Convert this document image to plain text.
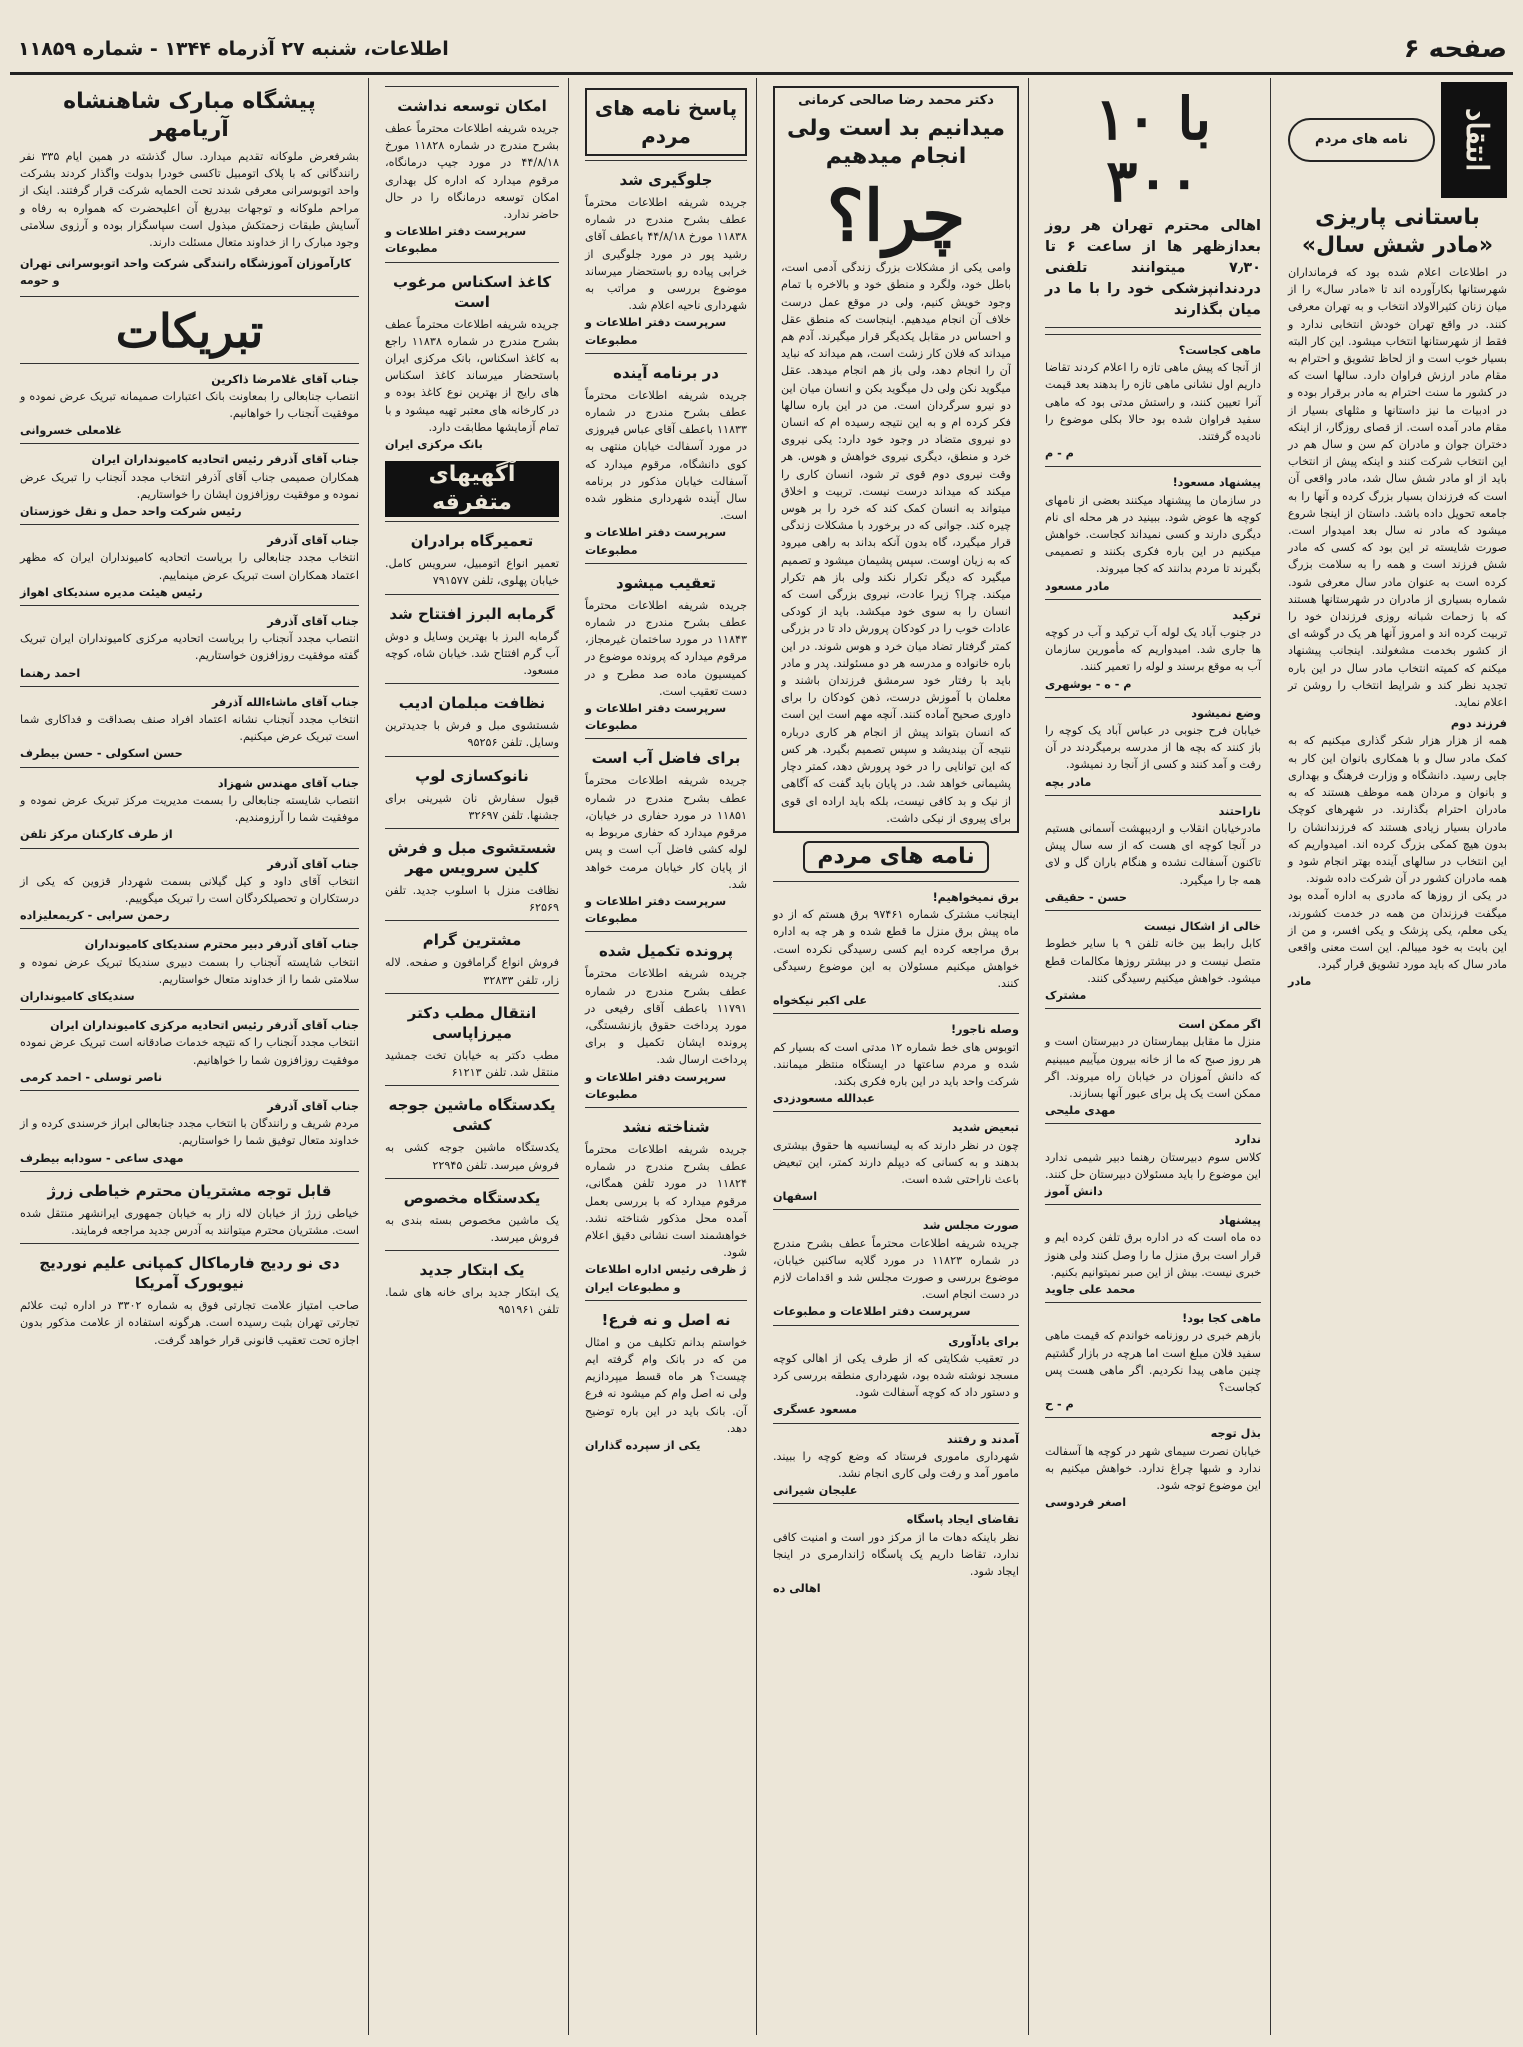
صفحه ۶
اطلاعات، شنبه ۲۷ آذرماه ۱۳۴۴ - شماره ۱۱۸۵۹
انتقاد
نامه های مردم
باستانی پاریزی «مادر شش سال»
در اطلاعات اعلام شده بود که فرمانداران شهرستانها بکارآورده اند تا «مادر سال» را از میان زنان کثیرالاولاد انتخاب و به تهران معرفی کنند. در واقع تهران خودش انتخابی ندارد و فقط از شهرستانها انتخاب میشود. این کار البته بسیار خوب است و از لحاظ تشویق و احترام به مقام مادر ارزش فراوان دارد. سالها است که در کشور ما سنت احترام به مادر برقرار بوده و در ادبیات ما نیز داستانها و مثلهای بسیار از مقام مادر آمده است. از قصای روزگار، از اینکه دختران جوان و مادران کم سن و سال هم در این انتخاب شرکت کنند و اینکه پیش از انتخاب باید از او مادر شش سال شد، مادر واقعی آن است که فرزندان بسیار بزرگ کرده و آنها را به جامعه تحویل داده باشد. داستان از اینجا شروع میشود که مادر نه سال بعد امیدوار است. صورت شایسته تر این بود که کسی که مادر شش فرزند است و همه را به سلامت بزرگ کرده است به عنوان مادر سال معرفی شود. شماره بسیاری از مادران در شهرستانها هستند که با زحمات شبانه روزی فرزندان خود را تربیت کرده اند و امروز آنها هر یک در گوشه ای از کشور بخدمت مشغولند. اینجانب پیشنهاد میکنم که کمیته انتخاب مادر سال در این باره تجدید نظر کند و شرایط انتخاب را روشن تر اعلام نماید.
فرزند دوم
همه از هزار هزار شکر گذاری میکنیم که به کمک مادر سال و با همکاری بانوان این کار به جایی رسید. دانشگاه و وزارت فرهنگ و بهداری و بانوان و مردان همه موظف هستند که به مادران احترام بگذارند. در شهرهای کوچک مادران بسیار زیادی هستند که فرزندانشان را بدون هیچ کمکی بزرگ کرده اند. امیدواریم که این انتخاب در سالهای آینده بهتر انجام شود و همه مادران کشور در آن شرکت داده شوند.
در یکی از روزها که مادری به اداره آمده بود میگفت فرزندان من همه در خدمت کشورند، یکی معلم، یکی پزشک و یکی افسر، و من از این بابت به خود میبالم. این است معنی واقعی مادر سال که باید مورد تشویق قرار گیرد.
مادر
با ۱۰ ۳۰۰
اهالی محترم تهران هر روز بعدازظهر ها از ساعت ۶ تا ۷٫۳۰ میتوانند تلفنی دردندانپزشکی خود را با ما در میان بگذارند
ماهی کجاست؟
از آنجا که پیش ماهی تازه را اعلام کردند تقاضا داریم اول نشانی ماهی تازه را بدهند بعد قیمت آنرا تعیین کنند، و راستش مدتی بود که ماهی سفید فراوان شده بود حالا بکلی موضوع را نادیده گرفتند.
م - م
پیشنهاد مسعود!
در سازمان ما پیشنهاد میکنند بعضی از نامهای کوچه ها عوض شود. ببینید در هر محله ای نام دیگری دارند و کسی نمیداند کجاست. خواهش میکنیم در این باره فکری بکنند و تصمیمی بگیرند تا مردم بدانند که کجا میروند.
مادر مسعود
ترکید
در جنوب آباد یک لوله آب ترکید و آب در کوچه ها جاری شد. امیدواریم که مأمورین سازمان آب به موقع برسند و لوله را تعمیر کنند.
م - ه - بوشهری
وضع نمیشود
خیابان فرح جنوبی در عباس آباد یک کوچه را باز کنند که بچه ها از مدرسه برمیگردند در آن رفت و آمد کنند و کسی از آنجا رد نمیشود.
مادر بچه
ناراحتند
مادرخیابان انقلاب و اردیبهشت آسمانی هستیم در آنجا کوچه ای هست که از سه سال پیش تاکنون آسفالت نشده و هنگام باران گل و لای همه جا را میگیرد.
حسن - حقیقی
خالی از اشکال نیست
کابل رابط بین خانه تلفن ۹ با سایر خطوط متصل نیست و در بیشتر روزها مکالمات قطع میشود. خواهش میکنیم رسیدگی کنند.
مشترک
اگر ممکن است
منزل ما مقابل بیمارستان در دبیرستان است و هر روز صبح که ما از خانه بیرون میآییم میبینیم که دانش آموزان در خیابان راه میروند. اگر ممکن است یک پل برای عبور آنها بسازند.
مهدی ملیحی
ندارد
کلاس سوم دبیرستان رهنما دبیر شیمی ندارد این موضوع را باید مسئولان دبیرستان حل کنند.
دانش آموز
پیشنهاد
ده ماه است که در اداره برق تلفن کرده ایم و قرار است برق منزل ما را وصل کنند ولی هنوز خبری نیست. بیش از این صبر نمیتوانیم بکنیم.
محمد علی جاوید
ماهی کجا بود!
بازهم خبری در روزنامه خواندم که قیمت ماهی سفید فلان مبلغ است اما هرچه در بازار گشتیم چنین ماهی پیدا نکردیم. اگر ماهی هست پس کجاست؟
م - ح
بذل توجه
خیابان نصرت سیمای شهر در کوچه ها آسفالت ندارد و شبها چراغ ندارد. خواهش میکنیم به این موضوع توجه شود.
اصغر فردوسی
دکتر محمد رضا صالحی کرمانی
میدانیم بد است ولی انجام میدهیم
چرا؟
وامی یکی از مشکلات بزرگ زندگی آدمی است، باطل خود، ولگرد و منطق خود و بالاخره با تمام وجود خویش کنیم، ولی در موقع عمل درست خلاف آن انجام میدهیم. اینجاست که منطق عقل و احساس در مقابل یکدیگر قرار میگیرند. آدم هم میداند که فلان کار زشت است، هم میداند که نباید آن را انجام دهد، ولی باز هم انجام میدهد. عقل میگوید نکن ولی دل میگوید بکن و انسان میان این دو نیرو سرگردان است. من در این باره سالها فکر کرده ام و به این نتیجه رسیده ام که انسان دو نیروی متضاد در وجود خود دارد: یکی نیروی خرد و منطق، دیگری نیروی خواهش و هوس. هر وقت نیروی دوم قوی تر شود، انسان کاری را میکند که میداند درست نیست. تربیت و اخلاق میتواند به انسان کمک کند که خرد را بر هوس چیره کند. جوانی که در برخورد با مشکلات زندگی قرار میگیرد، گاه بدون آنکه بداند به راهی میرود که به زیان اوست. سپس پشیمان میشود و تصمیم میگیرد که دیگر تکرار نکند ولی باز هم تکرار میکند. چرا؟ زیرا عادت، نیروی بزرگی است که انسان را به سوی خود میکشد. باید از کودکی عادات خوب را در کودکان پرورش داد تا در بزرگی کمتر گرفتار تضاد میان خرد و هوس شوند. در این باره خانواده و مدرسه هر دو مسئولند. پدر و مادر باید با رفتار خود سرمشق فرزندان باشند و معلمان با آموزش درست، ذهن کودکان را برای داوری صحیح آماده کنند. آنچه مهم است این است که انسان بتواند پیش از انجام هر کاری درباره نتیجه آن بیندیشد و سپس تصمیم بگیرد. هر کس که این توانایی را در خود پرورش دهد، کمتر دچار پشیمانی خواهد شد. در پایان باید گفت که آگاهی از نیک و بد کافی نیست، بلکه باید اراده ای قوی برای پیروی از نیکی داشت.
نامه های مردم
برق نمیخواهیم!
اینجانب مشترک شماره ۹۷۴۶۱ برق هستم که از دو ماه پیش برق منزل ما قطع شده و هر چه به اداره برق مراجعه کرده ایم کسی رسیدگی نکرده است. خواهش میکنیم مسئولان به این موضوع رسیدگی کنند.
علی اکبر نیکخواه
وصله ناجور!
اتوبوس های خط شماره ۱۲ مدتی است که بسیار کم شده و مردم ساعتها در ایستگاه منتظر میمانند. شرکت واحد باید در این باره فکری بکند.
عبدالله مسعودزدی
تبعیض شدید
چون در نظر دارند که به لیسانسیه ها حقوق بیشتری بدهند و به کسانی که دیپلم دارند کمتر، این تبعیض باعث ناراحتی شده است.
اسفهان
صورت مجلس شد
جریده شریفه اطلاعات محترماً عطف بشرح مندرج در شماره ۱۱۸۲۳ در مورد گلایه ساکنین خیابان، موضوع بررسی و صورت مجلس شد و اقدامات لازم در دست انجام است.
سرپرست دفتر اطلاعات و مطبوعات
برای یادآوری
در تعقیب شکایتی که از طرف یکی از اهالی کوچه مسجد نوشته شده بود، شهرداری منطقه بررسی کرد و دستور داد که کوچه آسفالت شود.
مسعود عسگری
آمدند و رفتند
شهرداری ماموری فرستاد که وضع کوچه را ببیند. مامور آمد و رفت ولی کاری انجام نشد.
علیجان شیرانی
تقاضای ایجاد پاسگاه
نظر باینکه دهات ما از مرکز دور است و امنیت کافی ندارد، تقاضا داریم یک پاسگاه ژاندارمری در اینجا ایجاد شود.
اهالی ده
پاسخ نامه های مردم
جلوگیری شد
جریده شریفه اطلاعات محترماً عطف بشرح مندرج در شماره ۱۱۸۳۸ مورخ ۴۴/۸/۱۸ باعطف آقای رشید پور در مورد جلوگیری از خرابی پیاده رو باستحضار میرساند موضوع بررسی و مراتب به شهرداری ناحیه اعلام شد.
سرپرست دفتر اطلاعات و مطبوعات
در برنامه آینده
جریده شریفه اطلاعات محترماً عطف بشرح مندرج در شماره ۱۱۸۳۳ باعطف آقای عباس فیروزی در مورد آسفالت خیابان منتهی به کوی دانشگاه، مرقوم میدارد که آسفالت خیابان مذکور در برنامه سال آینده شهرداری منظور شده است.
سرپرست دفتر اطلاعات و مطبوعات
تعقیب میشود
جریده شریفه اطلاعات محترماً عطف بشرح مندرج در شماره ۱۱۸۴۳ در مورد ساختمان غیرمجاز، مرقوم میدارد که پرونده موضوع در کمیسیون ماده صد مطرح و در دست تعقیب است.
سرپرست دفتر اطلاعات و مطبوعات
برای فاضل آب است
جریده شریفه اطلاعات محترماً عطف بشرح مندرج در شماره ۱۱۸۵۱ در مورد حفاری در خیابان، مرقوم میدارد که حفاری مربوط به لوله کشی فاضل آب است و پس از پایان کار خیابان مرمت خواهد شد.
سرپرست دفتر اطلاعات و مطبوعات
پرونده تکمیل شده
جریده شریفه اطلاعات محترماً عطف بشرح مندرج در شماره ۱۱۷۹۱ باعطف آقای رفیعی در مورد پرداخت حقوق بازنشستگی، پرونده ایشان تکمیل و برای پرداخت ارسال شد.
سرپرست دفتر اطلاعات و مطبوعات
شناخته نشد
جریده شریفه اطلاعات محترماً عطف بشرح مندرج در شماره ۱۱۸۲۴ در مورد تلفن همگانی، مرقوم میدارد که با بررسی بعمل آمده محل مذکور شناخته نشد. خواهشمند است نشانی دقیق اعلام شود.
ژ ظرفی رئیس اداره اطلاعات و مطبوعات ایران
نه اصل و نه فرع!
خواستم بدانم تکلیف من و امثال من که در بانک وام گرفته ایم چیست؟ هر ماه قسط میپردازیم ولی نه اصل وام کم میشود نه فرع آن. بانک باید در این باره توضیح دهد.
یکی از سپرده گذاران
امکان توسعه نداشت
جریده شریفه اطلاعات محترماً عطف بشرح مندرج در شماره ۱۱۸۲۸ مورخ ۴۴/۸/۱۸ در مورد جیپ درمانگاه، مرقوم میدارد که اداره کل بهداری امکان توسعه درمانگاه را در حال حاضر ندارد.
سرپرست دفتر اطلاعات و مطبوعات
کاغذ اسکناس مرغوب است
جریده شریفه اطلاعات محترماً عطف بشرح مندرج در شماره ۱۱۸۳۸ راجع به کاغذ اسکناس، بانک مرکزی ایران باستحضار میرساند کاغذ اسکناس های رایج از بهترین نوع کاغذ بوده و در کارخانه های معتبر تهیه میشود و با تمام آزمایشها مطابقت دارد.
بانک مرکزی ایران
آگهیهای متفرقه
تعمیرگاه برادران
تعمیر انواع اتومبیل، سرویس کامل. خیابان پهلوی، تلفن ۷۹۱۵۷۷
گرمابه البرز افتتاح شد
گرمابه البرز با بهترین وسایل و دوش آب گرم افتتاح شد. خیابان شاه، کوچه مسعود.
نظافت مبلمان ادیب
شستشوی مبل و فرش با جدیدترین وسایل. تلفن ۹۵۲۵۶
نانوکسازی لوپ
قبول سفارش نان شیرینی برای جشنها. تلفن ۳۲۶۹۷
شستشوی مبل و فرش کلین سرویس مهر
نظافت منزل با اسلوب جدید. تلفن ۶۲۵۶۹
مشترین گرام
فروش انواع گرامافون و صفحه. لاله زار، تلفن ۳۲۸۳۳
انتقال مطب دکتر میرزاپاسی
مطب دکتر به خیابان تخت جمشید منتقل شد. تلفن ۶۱۲۱۳
یکدستگاه ماشین جوجه کشی
یکدستگاه ماشین جوجه کشی به فروش میرسد. تلفن ۲۲۹۴۵
یکدستگاه مخصوص
یک ماشین مخصوص بسته بندی به فروش میرسد.
یک ابتکار جدید
یک ابتکار جدید برای خانه های شما. تلفن ۹۵۱۹۶۱
پیشگاه مبارک شاهنشاه آریامهر
بشرفعرض ملوکانه تقدیم میدارد. سال گذشته در همین ایام ۳۳۵ نفر رانندگانی که با پلاک اتومبیل تاکسی خودرا بدولت واگذار کردند بشرکت واحد اتوبوسرانی معرفی شدند تحت الحمایه شرکت قرار گرفتند. اینک از مراحم ملوکانه و توجهات بیدریغ آن اعلیحضرت که همواره به رفاه و آسایش طبقات زحمتکش مبذول است سپاسگزار بوده و آرزوی سلامتی وجود مبارک را از خداوند متعال مسئلت دارند.
کارآموزان آموزشگاه رانندگی شرکت واحد اتوبوسرانی تهران و حومه
تبریکات
جناب آقای غلامرضا ذاکرین
انتصاب جنابعالی را بمعاونت بانک اعتبارات صمیمانه تبریک عرض نموده و موفقیت آنجناب را خواهانیم.
غلامعلی خسروانی
جناب آقای آذرفر رئیس اتحادیه کامیونداران ایران
همکاران صمیمی جناب آقای آذرفر انتخاب مجدد آنجناب را تبریک عرض نموده و موفقیت روزافزون ایشان را خواستاریم.
رئیس شرکت واحد حمل و نقل خوزستان
جناب آقای آذرفر
انتخاب مجدد جنابعالی را بریاست اتحادیه کامیونداران ایران که مظهر اعتماد همکاران است تبریک عرض مینماییم.
رئیس هیئت مدیره سندیکای اهواز
جناب آقای آذرفر
انتصاب مجدد آنجناب را بریاست اتحادیه مرکزی کامیونداران ایران تبریک گفته موفقیت روزافزون خواستاریم.
احمد رهنما
جناب آقای ماشاءالله آذرفر
انتخاب مجدد آنجناب نشانه اعتماد افراد صنف بصداقت و فداکاری شما است تبریک عرض میکنیم.
حسن اسکولی - حسن بیطرف
جناب آقای مهندس شهزاد
انتصاب شایسته جنابعالی را بسمت مدیریت مرکز تبریک عرض نموده و موفقیت شما را آرزومندیم.
از طرف کارکنان مرکز تلفن
جناب آقای آذرفر
انتخاب آقای داود و کیل گیلانی بسمت شهردار قزوین که یکی از درستکاران و تحصیلکردگان است را تبریک میگوییم.
رحمن سرابی - کریمعلیزاده
جناب آقای آذرفر دبیر محترم سندیکای کامیونداران
انتخاب شایسته آنجناب را بسمت دبیری سندیکا تبریک عرض نموده و سلامتی شما را از خداوند متعال خواستاریم.
سندیکای کامیونداران
جناب آقای آذرفر رئیس اتحادیه مرکزی کامیونداران ایران
انتخاب مجدد آنجناب را که نتیجه خدمات صادقانه است تبریک عرض نموده موفقیت روزافزون شما را خواهانیم.
ناصر توسلی - احمد کرمی
جناب آقای آذرفر
مردم شریف و رانندگان با انتخاب مجدد جنابعالی ابراز خرسندی کرده و از خداوند متعال توفیق شما را خواستاریم.
مهدی ساعی - سودابه بیطرف
قابل توجه مشتریان محترم خیاطی زرژ
خیاطی زرژ از خیابان لاله زار به خیابان جمهوری ایرانشهر منتقل شده است. مشتریان محترم میتوانند به آدرس جدید مراجعه فرمایند.
دی نو ردیج فارماکال کمپانی علیم نوردیج نیویورک آمریکا
صاحب امتیاز علامت تجارتی فوق به شماره ۳۳۰۲ در اداره ثبت علائم تجارتی تهران بثبت رسیده است. هرگونه استفاده از علامت مذکور بدون اجازه تحت تعقیب قانونی قرار خواهد گرفت.
